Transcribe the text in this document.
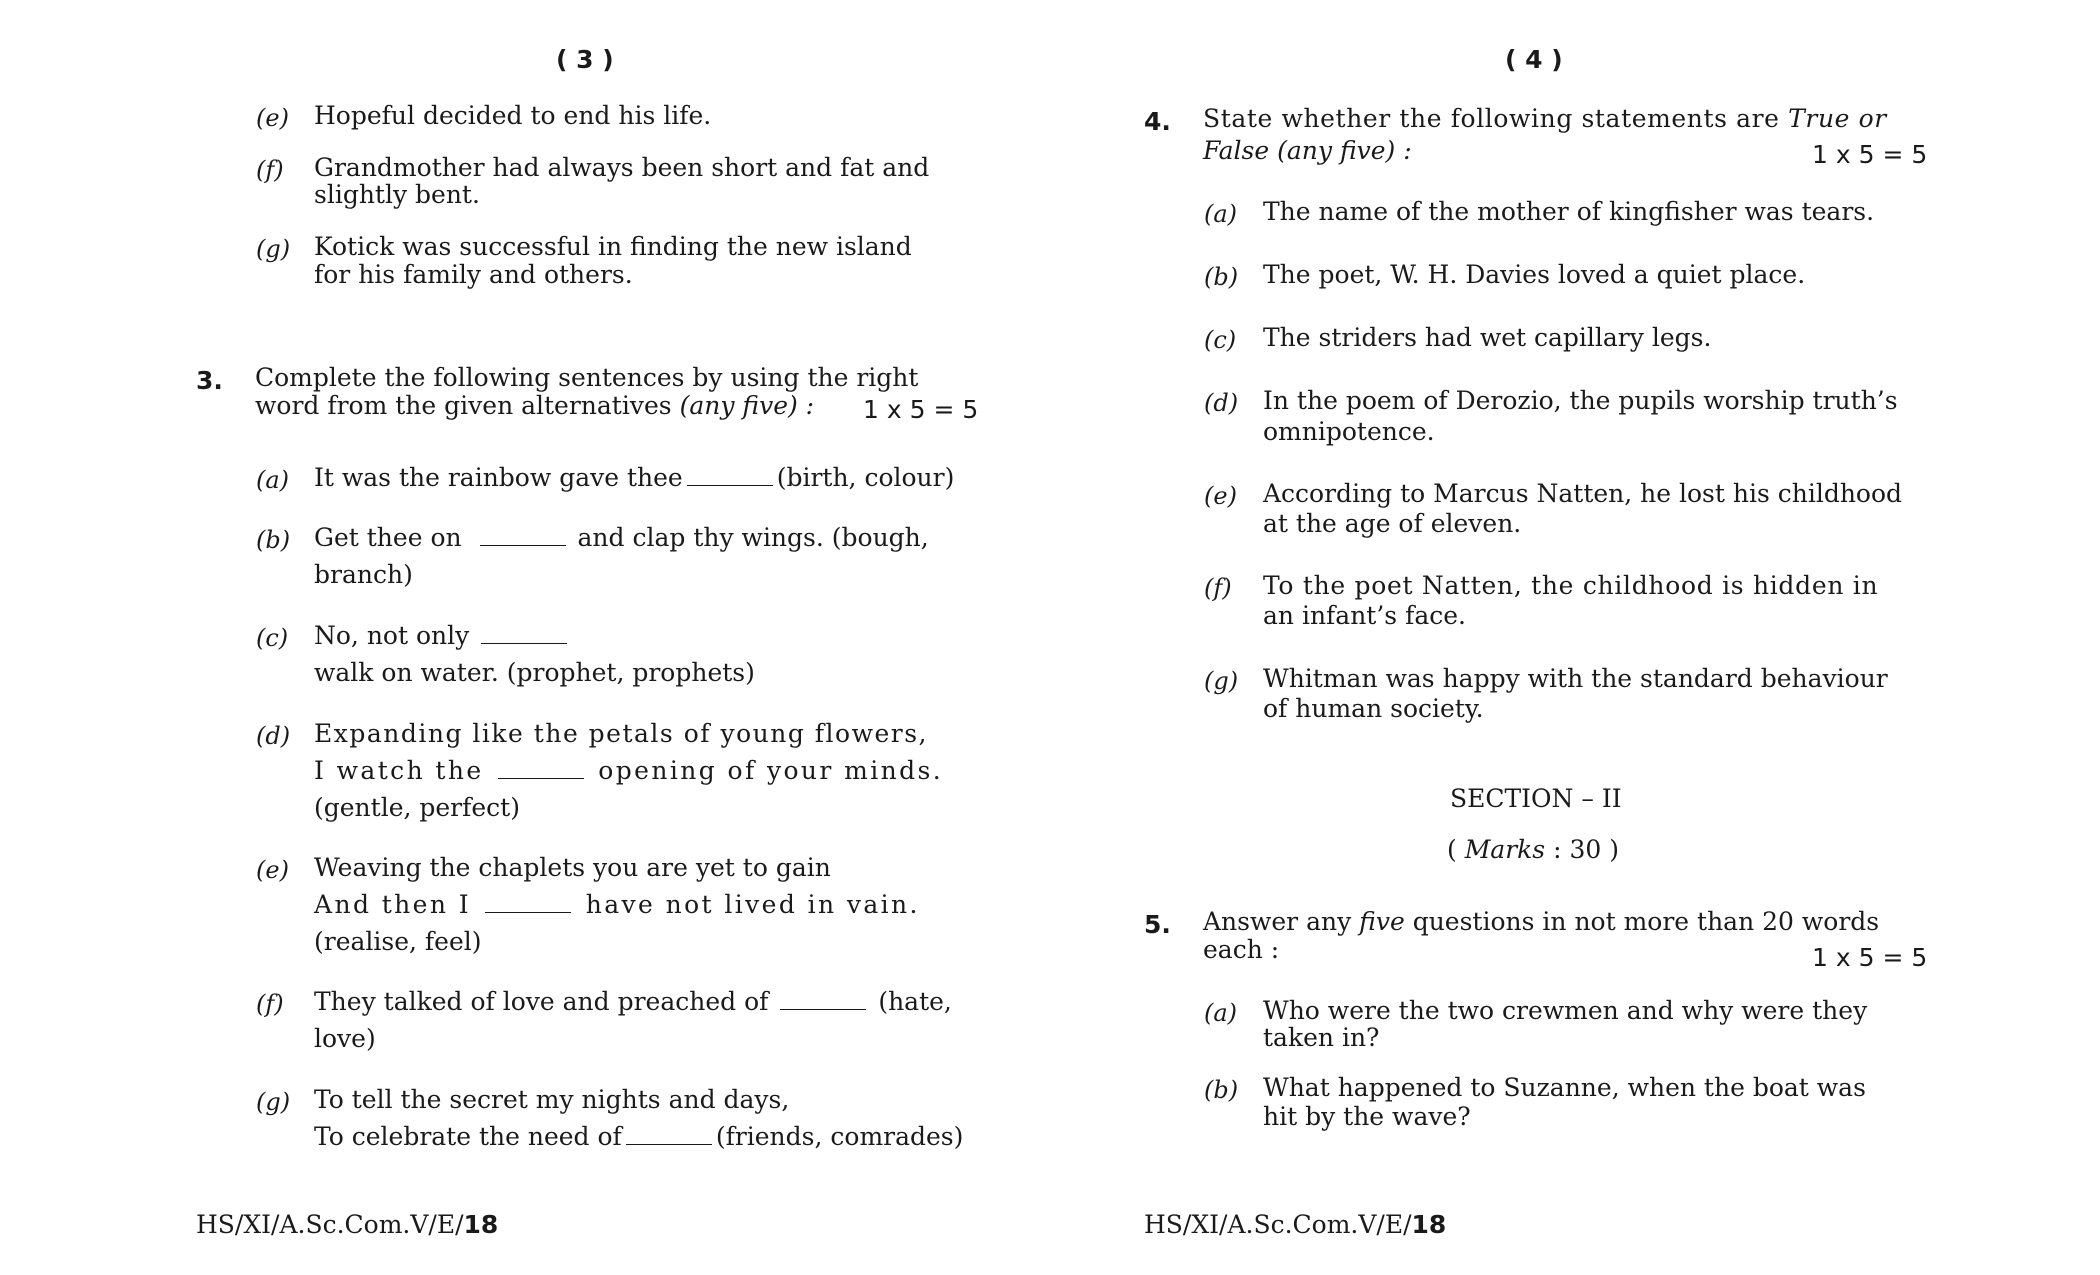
( 3 )
(e) Hopeful decided to end his life.
(f) Grandmother had always been short and fat and
slightly bent.
(g) Kotick was successful in finding the new island
for his family and others.
3. Complete the following sentences by using the right
word from the given alternatives (any five) : 1 x 5 = 5
(a) It was the rainbow gave thee	(birth, colour)
(b) Get thee on	and clap thy wings. (bough,
branch)
(c) No, not only
walk on water. (prophet, prophets)
(d) Expanding like the petals of young flowers,
I watch the	opening of your minds.
(gentle, perfect)
(e) Weaving the chaplets you are yet to gain
And then I	have not lived in vain.
(realise, feel)
(f) They talked of love and preached of	(hate,
love)
(g) To tell the secret my nights and days,
To celebrate the need of	(friends, comrades)
HS/XI/A.Sc.Com.V/E/18
( 4 )
4. State whether the following statements are True or
False (any five) :	1 x 5 = 5
(a) The name of the mother of kingfisher was tears.
(b) The poet, W. H. Davies loved a quiet place.
(c) The striders had wet capillary legs.
(d) In the poem of Derozio, the pupils worship truth’s
omnipotence.
(e) According to Marcus Natten, he lost his childhood
at the age of eleven.
(f) To the poet Natten, the childhood is hidden in
an infant’s face.
(g) Whitman was happy with the standard behaviour
of human society.
SECTION – II
( Marks : 30 )
5. Answer any five questions in not more than 20 words
each :	1 x 5 = 5
(a) Who were the two crewmen and why were they
taken in?
(b) What happened to Suzanne, when the boat was
hit by the wave?
HS/XI/A.Sc.Com.V/E/18
